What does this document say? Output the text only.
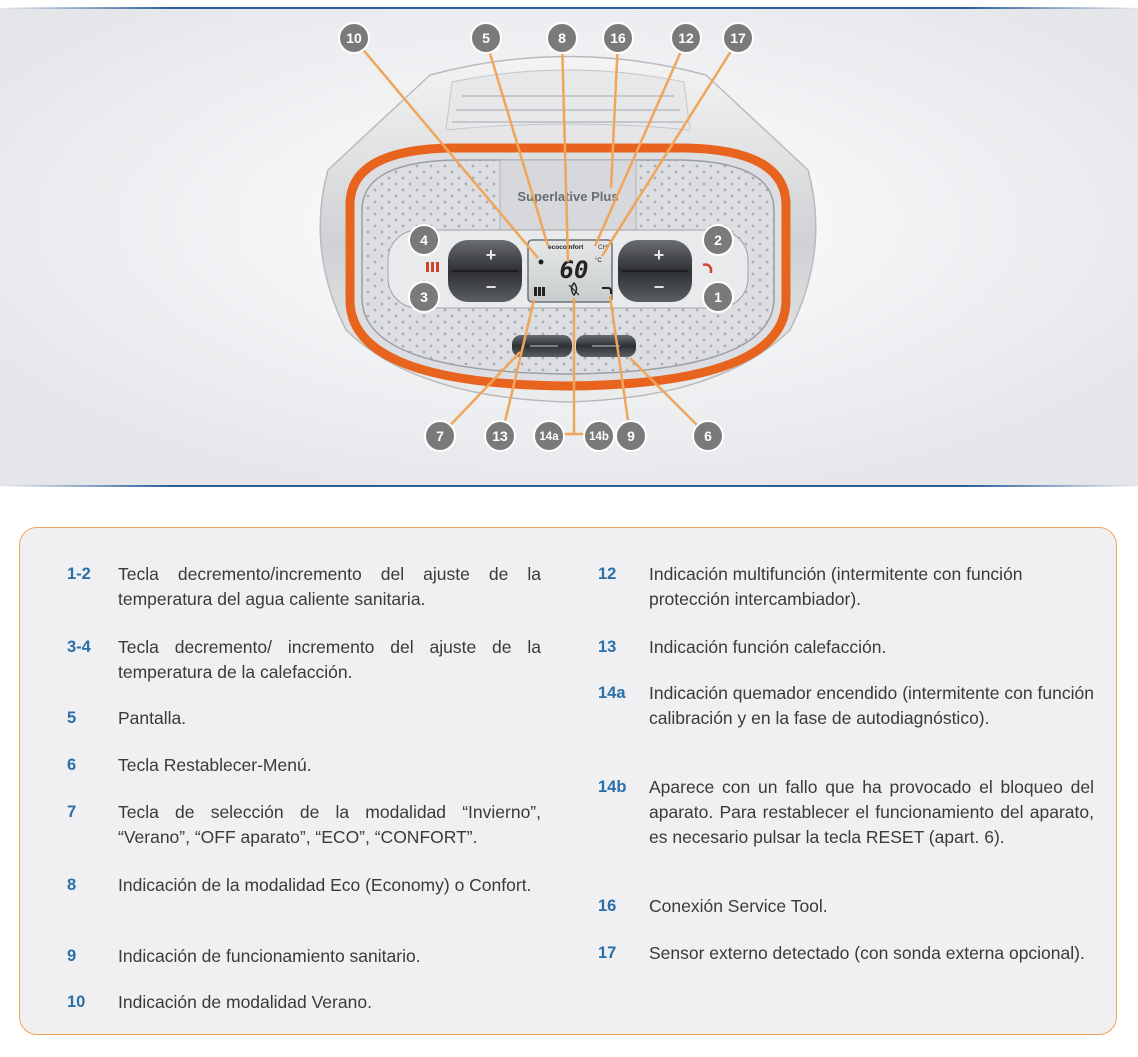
Superlative Plus
+
−
+
−
ecocomfort CH
60 °C
10	5	8	16	12	17
4
3
2
1
7	13	14a	14b 9	6
1-2 Tecla decremento/incremento del ajuste de la temperatura del agua caliente sanitaria.
3-4 Tecla decremento/ incremento del ajuste de la temperatura de la calefacción.
5 Pantalla.
6 Tecla Restablecer-Menú.
7 Tecla de selección de la modalidad “Invierno”, “Verano”, “OFF aparato”, “ECO”, “CONFORT”.
8 Indicación de la modalidad Eco (Economy) o Confort.
9 Indicación de funcionamiento sanitario.
10 Indicación de modalidad Verano.
12 Indicación multifunción (intermitente con función protección intercambiador).
13 Indicación función calefacción.
14a Indicación quemador encendido (intermitente con función calibración y en la fase de autodiagnóstico).
14b Aparece con un fallo que ha provocado el bloqueo del aparato. Para restablecer el funcionamiento del aparato, es necesario pulsar la tecla RESET (apart. 6).
16 Conexión Service Tool.
17 Sensor externo detectado (con sonda externa opcional).
